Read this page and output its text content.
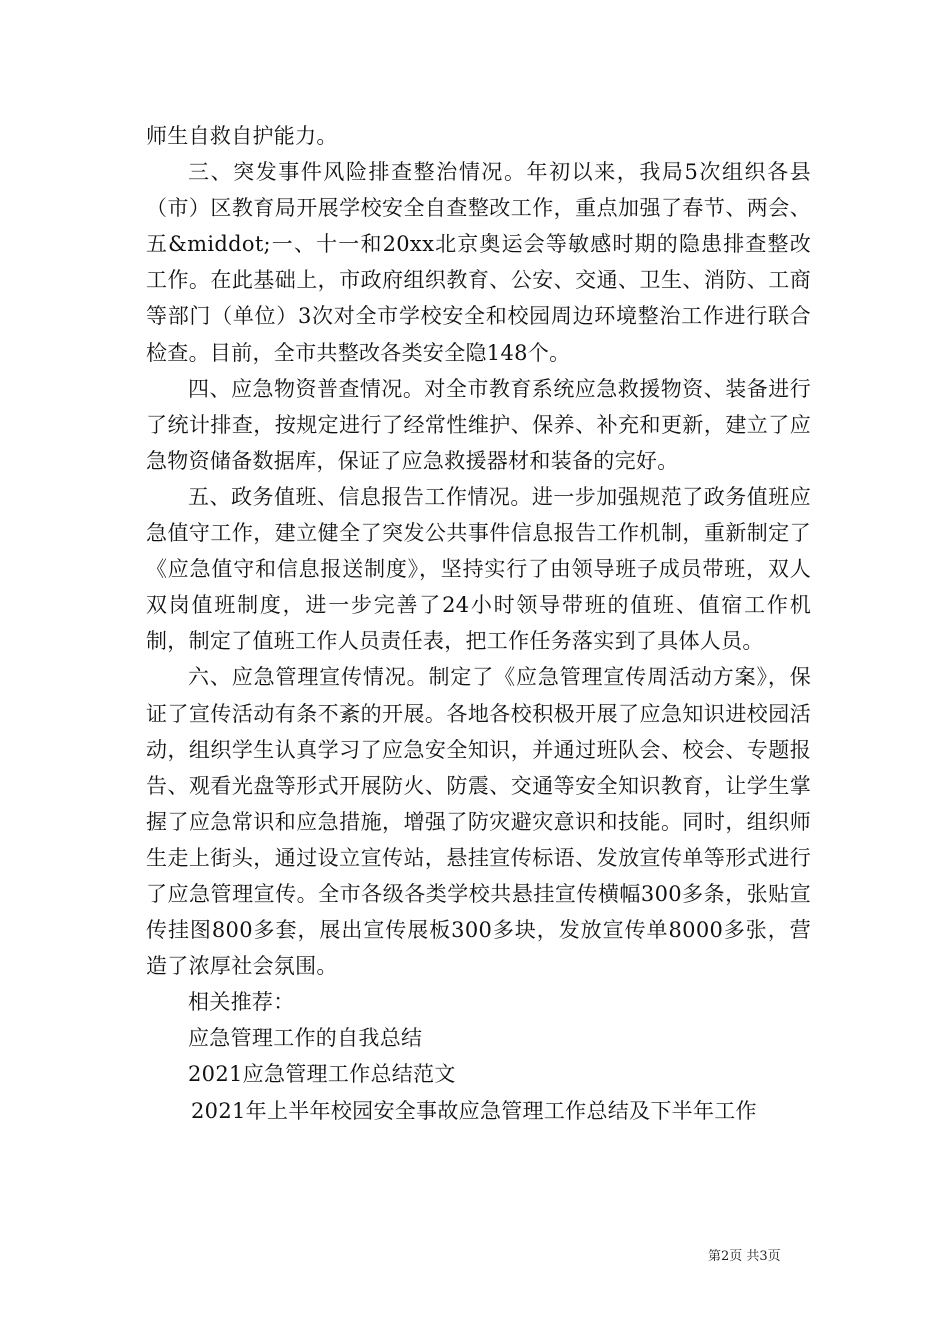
师生自救自护能力。

三、突发事件风险排查整治情况。年初以来，我局5次组织各县（市）区教育局开展学校安全自查整改工作，重点加强了春节、两会、五&middot;一、十一和20xx北京奥运会等敏感时期的隐患排查整改工作。在此基础上，市政府组织教育、公安、交通、卫生、消防、工商等部门（单位）3次对全市学校安全和校园周边环境整治工作进行联合检查。目前，全市共整改各类安全隐148个。

四、应急物资普查情况。对全市教育系统应急救援物资、装备进行了统计排查，按规定进行了经常性维护、保养、补充和更新，建立了应急物资储备数据库，保证了应急救援器材和装备的完好。

五、政务值班、信息报告工作情况。进一步加强规范了政务值班应急值守工作，建立健全了突发公共事件信息报告工作机制，重新制定了《应急值守和信息报送制度》，坚持实行了由领导班子成员带班，双人双岗值班制度，进一步完善了24小时领导带班的值班、值宿工作机制，制定了值班工作人员责任表，把工作任务落实到了具体人员。

六、应急管理宣传情况。制定了《应急管理宣传周活动方案》，保证了宣传活动有条不紊的开展。各地各校积极开展了应急知识进校园活动，组织学生认真学习了应急安全知识，并通过班队会、校会、专题报告、观看光盘等形式开展防火、防震、交通等安全知识教育，让学生掌握了应急常识和应急措施，增强了防灾避灾意识和技能。同时，组织师生走上街头，通过设立宣传站，悬挂宣传标语、发放宣传单等形式进行了应急管理宣传。全市各级各类学校共悬挂宣传横幅300多条，张贴宣传挂图800多套，展出宣传展板300多块，发放宣传单8000多张，营造了浓厚社会氛围。

相关推荐：
应急管理工作的自我总结
2021应急管理工作总结范文
2021年上半年校园安全事故应急管理工作总结及下半年工作
第2页 共3页
